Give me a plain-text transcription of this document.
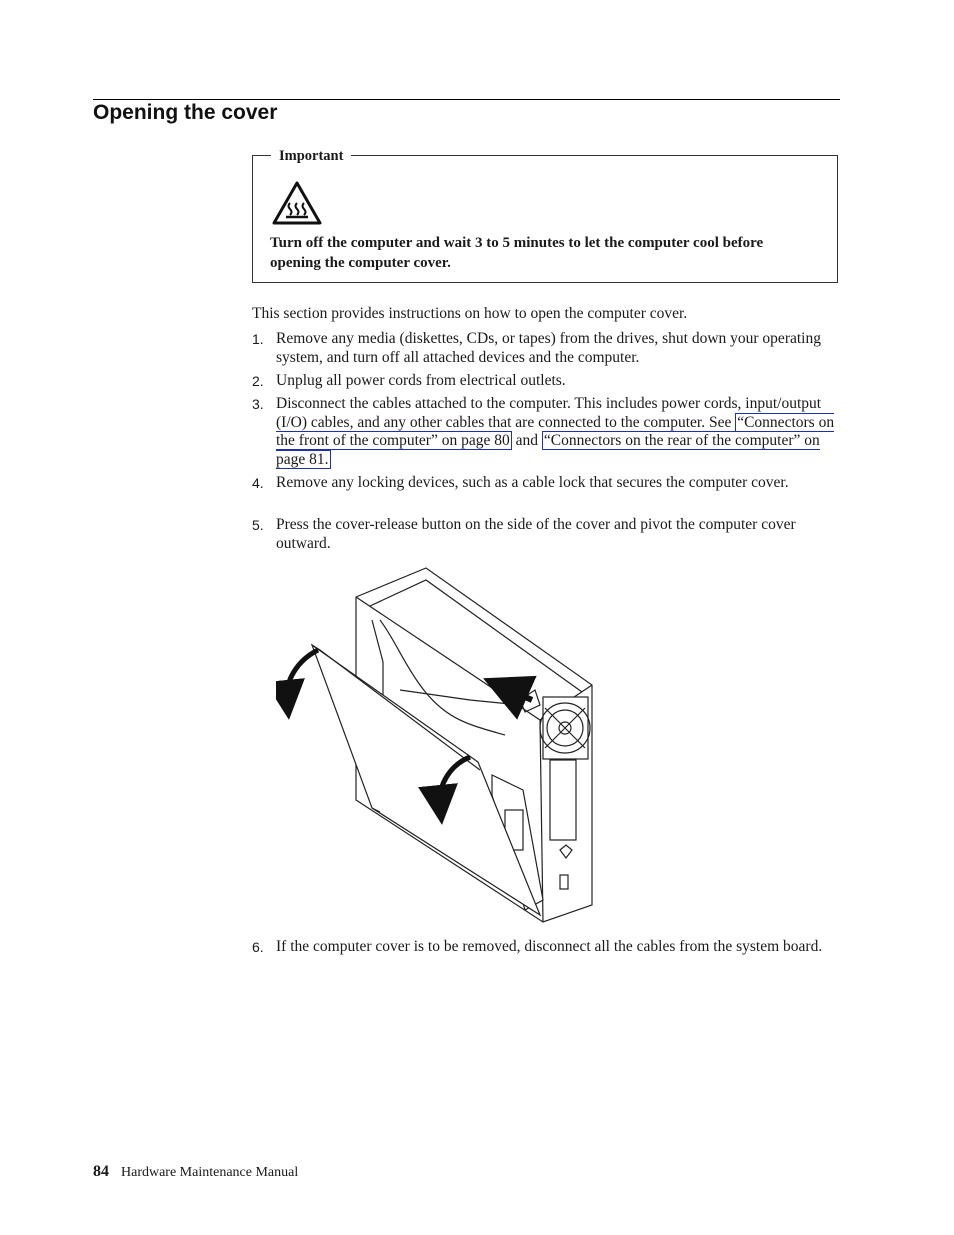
Opening the cover
Important
Turn off the computer and wait 3 to 5 minutes to let the computer cool before opening the computer cover.
This section provides instructions on how to open the computer cover.
1. Remove any media (diskettes, CDs, or tapes) from the drives, shut down your operating system, and turn off all attached devices and the computer.
2. Unplug all power cords from electrical outlets.
3. Disconnect the cables attached to the computer. This includes power cords, input/output (I/O) cables, and any other cables that are connected to the computer. See “Connectors on the front of the computer” on page 80 and “Connectors on the rear of the computer” on page 81.
4. Remove any locking devices, such as a cable lock that secures the computer cover.
5. Press the cover-release button on the side of the cover and pivot the computer cover outward.
6. If the computer cover is to be removed, disconnect all the cables from the system board.
84 Hardware Maintenance Manual
